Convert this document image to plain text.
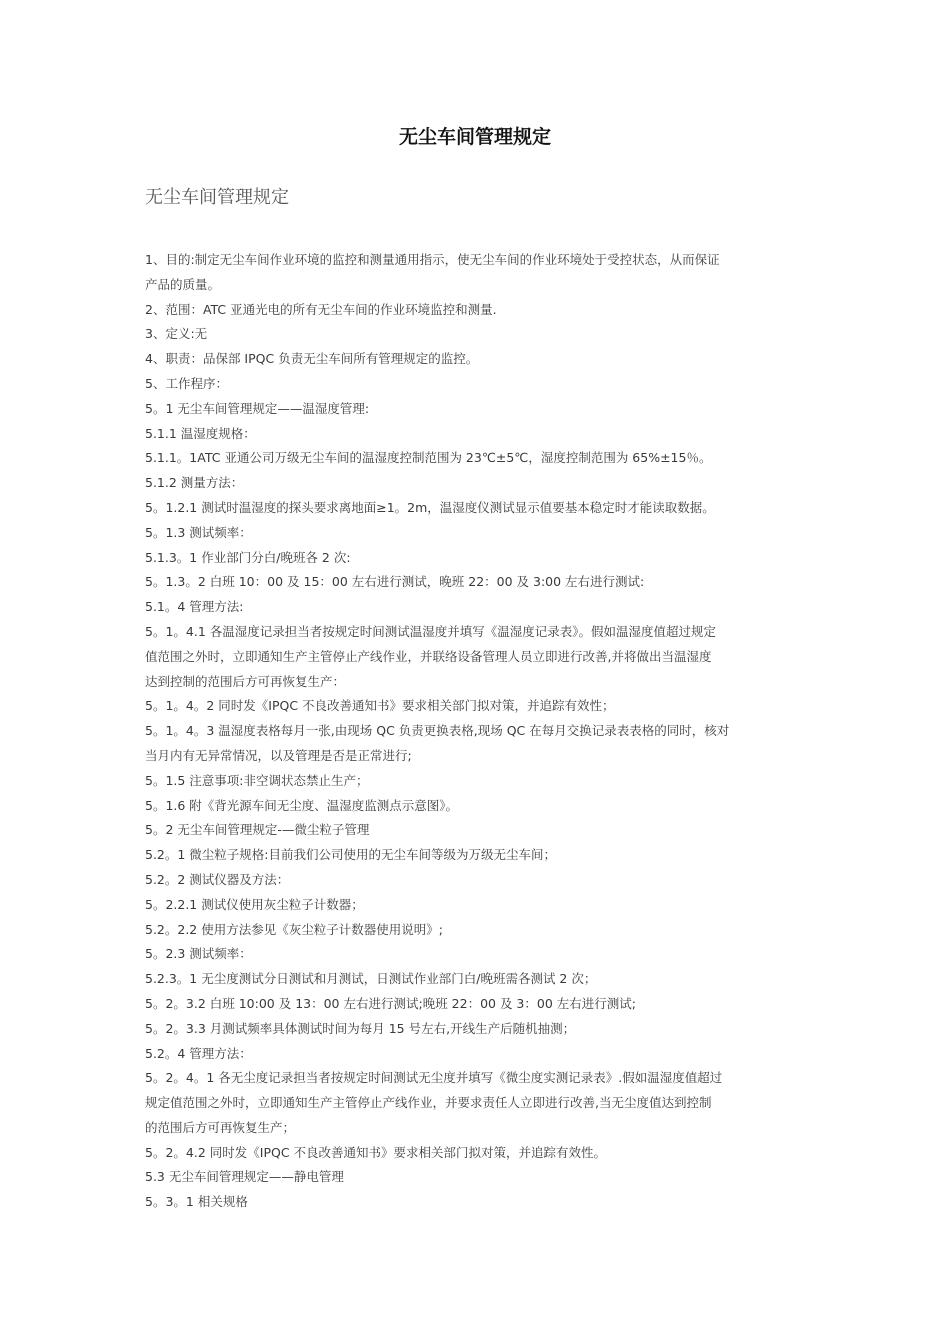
无尘车间管理规定
无尘车间管理规定

1、目的:制定无尘车间作业环境的监控和测量通用指示，使无尘车间的作业环境处于受控状态，从而保证
产品的质量。

2、范围：ATC 亚通光电的所有无尘车间的作业环境监控和测量.

3、定义:无

4、职责：品保部 IPQC 负责无尘车间所有管理规定的监控。

5、工作程序：

5。1 无尘车间管理规定——温湿度管理:

5.1.1 温湿度规格：

5.1.1。1ATC 亚通公司万级无尘车间的温湿度控制范围为 23℃±5℃，湿度控制范围为 65%±15％。

5.1.2 测量方法：

5。1.2.1 测试时温湿度的探头要求离地面≥1。2m，温湿度仪测试显示值要基本稳定时才能读取数据。

5。1.3 测试频率：

5.1.3。1 作业部门分白/晚班各 2 次:

5。1.3。2 白班 10：00 及 15：00 左右进行测试，晚班 22：00 及 3:00 左右进行测试:

5.1。4 管理方法:

5。1。4.1 各温湿度记录担当者按规定时间测试温湿度并填写《温湿度记录表》。假如温湿度值超过规定
值范围之外时，立即通知生产主管停止产线作业，并联络设备管理人员立即进行改善,并将做出当温湿度
达到控制的范围后方可再恢复生产：

5。1。4。2 同时发《IPQC 不良改善通知书》要求相关部门拟对策，并追踪有效性；

5。1。4。3 温湿度表格每月一张,由现场 QC 负责更换表格,现场 QC 在每月交换记录表表格的同时，核对
当月内有无异常情况，以及管理是否是正常进行;

5。1.5 注意事项:非空调状态禁止生产；

5。1.6 附《背光源车间无尘度、温湿度监测点示意图》。

5。2 无尘车间管理规定-—微尘粒子管理

5.2。1 微尘粒子规格:目前我们公司使用的无尘车间等级为万级无尘车间；

5.2。2 测试仪器及方法：

5。2.2.1 测试仪使用灰尘粒子计数器；

5.2。2.2 使用方法参见《灰尘粒子计数器使用说明》;

5。2.3 测试频率：

5.2.3。1 无尘度测试分日测试和月测试，日测试作业部门白/晚班需各测试 2 次；

5。2。3.2 白班 10:00 及 13：00 左右进行测试;晚班 22：00 及 3：00 左右进行测试;

5。2。3.3 月测试频率具体测试时间为每月 15 号左右,开线生产后随机抽测；

5.2。4 管理方法：

5。2。4。1 各无尘度记录担当者按规定时间测试无尘度并填写《微尘度实测记录表》.假如温湿度值超过
规定值范围之外时，立即通知生产主管停止产线作业，并要求责任人立即进行改善,当无尘度值达到控制
的范围后方可再恢复生产；

5。2。4.2 同时发《IPQC 不良改善通知书》要求相关部门拟对策，并追踪有效性。

5.3 无尘车间管理规定——静电管理

5。3。1 相关规格
